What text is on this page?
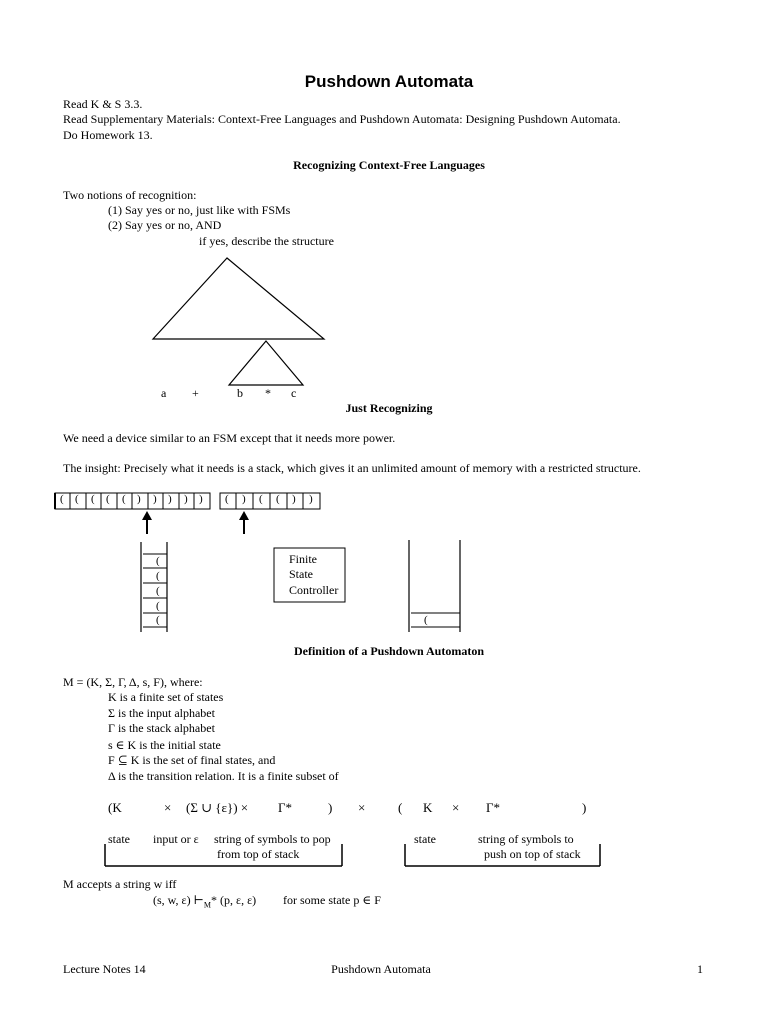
Pushdown Automata
Read K & S 3.3.
Read Supplementary Materials: Context-Free Languages and Pushdown Automata: Designing Pushdown Automata.
Do Homework 13.
Recognizing Context-Free Languages
Two notions of recognition:
(1) Say yes or no, just like with FSMs
(2) Say yes or no, AND
if yes, describe the structure
a +	b * c
Just Recognizing
We need a device similar to an FSM except that it needs more power.
The insight: Precisely what it needs is a stack, which gives it an unlimited amount of memory with a restricted structure.
( ( ( ( ( ) ) ) ) ) ( ) ( ( ) )
(
(
(
(
(
Finite
State
Controller
(
Definition of a Pushdown Automaton
M = (K, Σ, Γ, Δ, s, F), where:
K is a finite set of states
Σ is the input alphabet
Γ is the stack alphabet
s ∈ K is the initial state
F ⊆ K is the set of final states, and
Δ is the transition relation. It is a finite subset of
(K	× (Σ ∪ {ε}) × Γ*	) ×	( K × Γ*	)
state input or ε string of symbols to pop
from top of stack
state	string of symbols to
push on top of stack
M accepts a string w iff
(s, w, ε) $⊢_M*$ (p, ε, ε) for some state p ∈ F
Lecture Notes 14	Pushdown Automata	1
